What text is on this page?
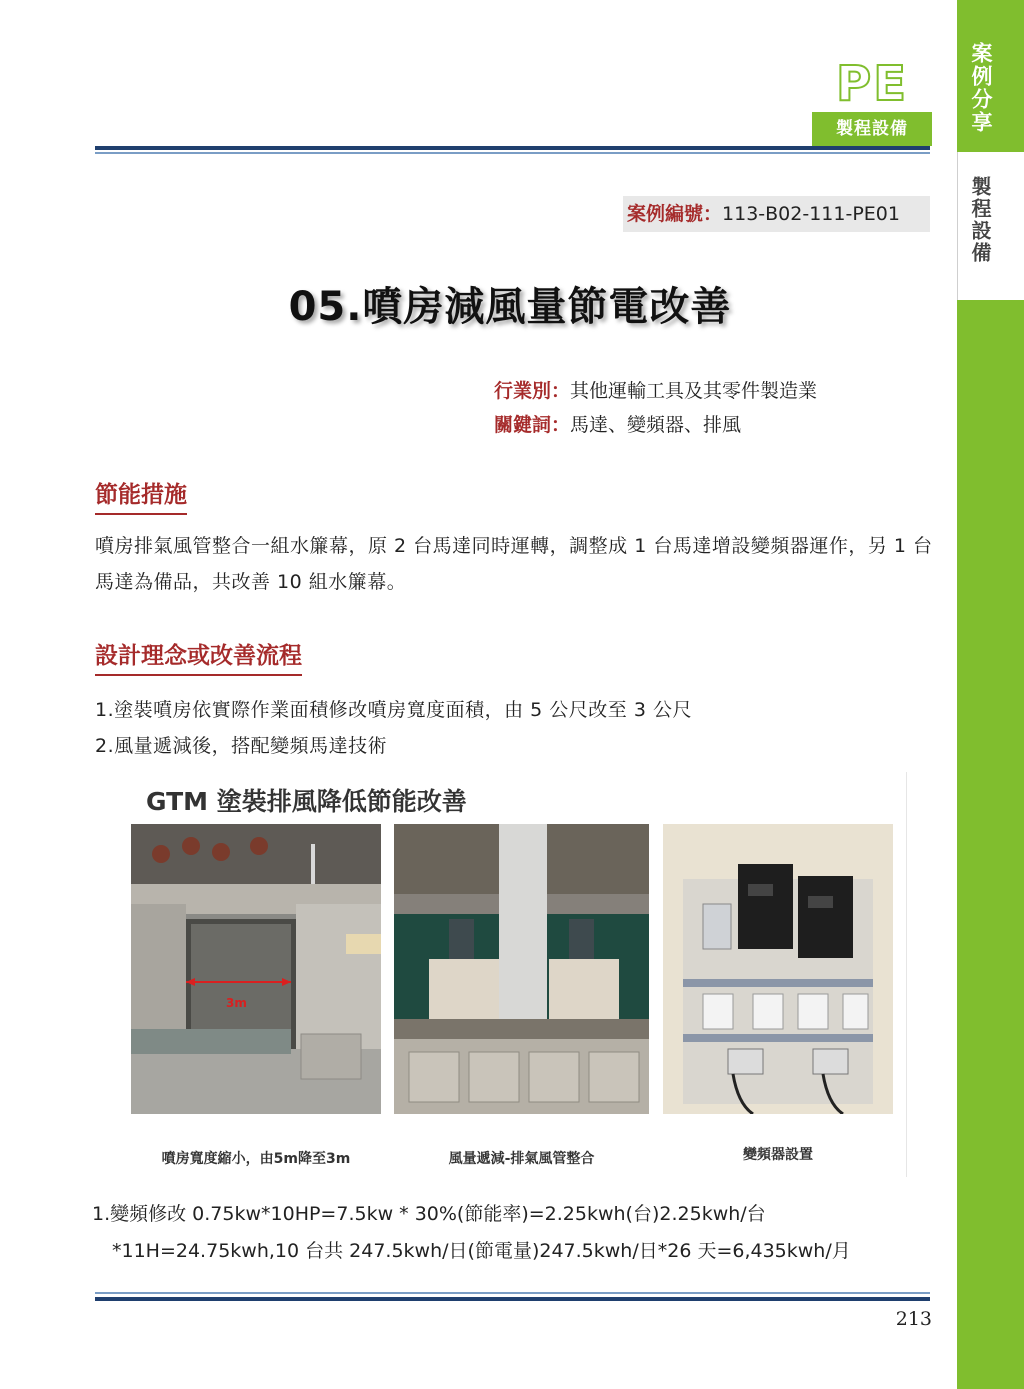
案例分享
製程設備
PE
製程設備
案例編號：113-B02-111-PE01
05.噴房減風量節電改善
行業別：其他運輸工具及其零件製造業
關鍵詞：馬達、變頻器、排風
節能措施
噴房排氣風管整合一組水簾幕，原 2 台馬達同時運轉，調整成 1 台馬達增設變頻器運作，另 1 台馬達為備品，共改善 10 組水簾幕。
設計理念或改善流程
1.塗裝噴房依實際作業面積修改噴房寬度面積，由 5 公尺改至 3 公尺
2.風量遞減後，搭配變頻馬達技術
GTM 塗裝排風降低節能改善
3m
噴房寬度縮小，由5m降至3m	風量遞減-排氣風管整合	變頻器設置
1.變頻修改 0.75kw*10HP=7.5kw * 30%(節能率)=2.25kwh(台)2.25kwh/台
*11H=24.75kwh,10 台共 247.5kwh/日(節電量)247.5kwh/日*26 天=6,435kwh/月
213
